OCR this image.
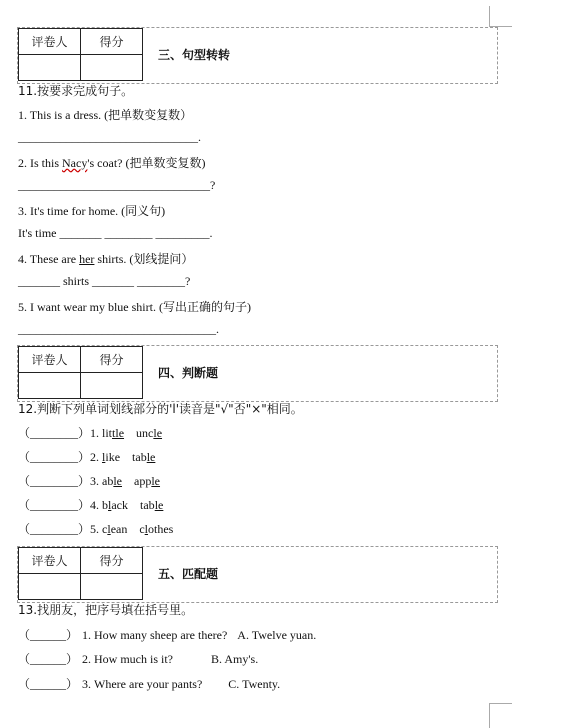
评卷人	得分

三、句型转转
11.按要求完成句子。
1. This is a dress. (把单数变复数）
______________________________.
2. Is this Nacy's coat? (把单数变复数)
________________________________?
3. It's time for home. (同义句)
It's time _______ ________ _________.
4. These are her shirts. (划线提问）
_______ shirts _______ ________?
5. I want wear my blue shirt. (写出正确的句子)
_________________________________.
评卷人	得分

四、判断题
12.判断下列单词划线部分的'l'读音是"√"否"×"相同。
（________）1. little uncle
（________）2. like table
（________）3. able apple
（________）4. black table
（________）5. clean clothes
评卷人	得分

五、匹配题
13.找朋友，把序号填在括号里。
（______） 1. How many sheep are there? A. Twelve yuan.
（______） 2. How much is it?	B. Amy's.
（______） 3. Where are your pants? C. Twenty.
